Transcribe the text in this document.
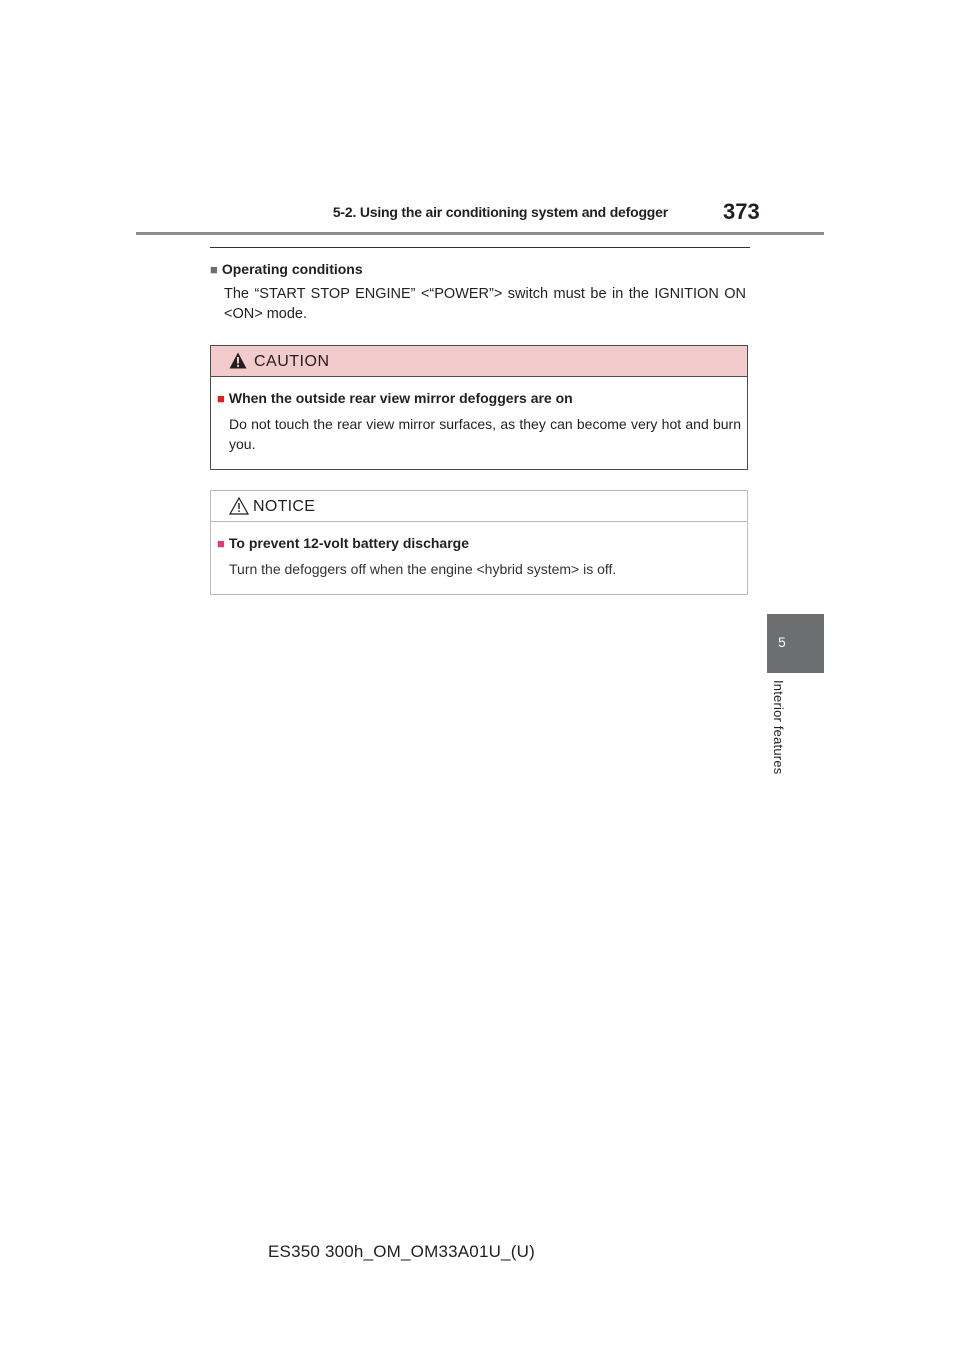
5-2. Using the air conditioning system and defogger	373
5
Interior features
■ Operating conditions
The “START STOP ENGINE” <“POWER”> switch must be in the IGNITION ON <ON> mode.
CAUTION
■ When the outside rear view mirror defoggers are on
Do not touch the rear view mirror surfaces, as they can become very hot and burn you.
NOTICE
■ To prevent 12-volt battery discharge
Turn the defoggers off when the engine <hybrid system> is off.
ES350 300h_OM_OM33A01U_(U)
